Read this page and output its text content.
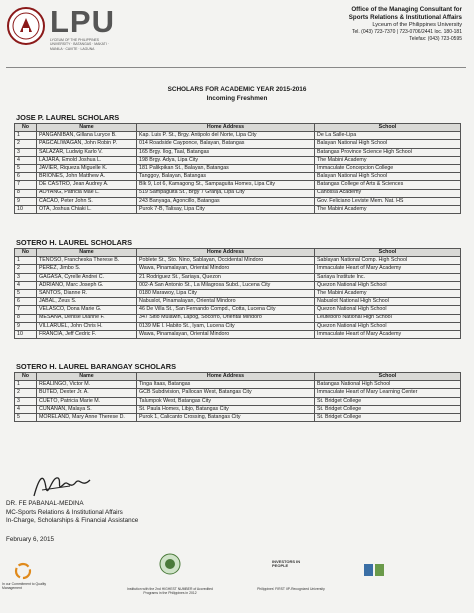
LPU
LYCEUM OF THE PHILIPPINES UNIVERSITY · BATANGAS · MAKATI · MANILA · CAVITE · LAGUNA
Office of the Managing Consultant for
Sports Relations & Institutional Affairs
Lyceum of the Philippines University
Tel. (043) 723-7370 | 723-0706/2441 loc. 180-181
Telefax: (043) 723-0595
SCHOLARS FOR ACADEMIC YEAR 2015-2016
Incoming Freshmen
JOSE P. LAUREL SCHOLARS
No	Name	Home Address	School
1	PANGANIBAN, Gillana Luryce B.	Kap. Luis P. St., Brgy. Antipolo del Norte, Lipa City	De La Salle-Lipa
2	PAGCALIWAGAN, John Robin P.	014 Roadside Cayponce, Balayan, Batangas	Balayan National High School
3	SALAZAR, Ludwig Karlo V.	165 Brgy. Ilog, Taal, Batangas	Batangas Province Science High School
4	LAJARA, Emold Joshua L.	198 Brgy. Adya, Lipa City	The Mabini Academy
5	JAVIER, Riqueza Miguelle K.	181 Palikpikan St., Balayan, Batangas	Immaculate Concepcion College
6	BRIONES, John Matthew A.	Tanggoy, Balayan, Batangas	Balayan National High School
7	DE CASTRO, Jean Audrey A.	Blk 9, Lot 6, Kamagong St., Sampaguita Homes, Lipa City	Batangas College of Arts & Sciences
8	AOYANG, Patricia Mae L.	519 Sampaguita St., Brgy 7 Granja, Lipa City	Canossa Academy
9	CACAO, Peter John S.	243 Banyaga, Agoncillo, Batangas	Gov. Feliciano Leviste Mem. Nat. HS
10	OTA, Joshua Chiaki L.	Purok 7-B, Talisay, Lipa City	The Mabini Academy
SOTERO H. LAUREL SCHOLARS
No	Name	Home Address	School
1	TENOSO, Francheska Therese B.	Poblete St., Sto. Nino, Sablayan, Occidental Mindoro	Sablayan National Comp. High School
2	PEREZ, Jimbo S.	Wawa, Pinamalayan, Oriental Mindoro	Immaculate Heart of Mary Academy
3	GAGASA, Cyrelle Andrei C.	21 Rodriguez St., Sariaya, Quezon	Sariaya Institute Inc.
4	ADRIANO, Marc Joseph G.	002-A San Antonio St., La Milagrosa Subd., Lucena City	Quezon National High School
5	SANTOS, Dianne R.	0180 Marawoy, Lipa City	The Mabini Academy
6	JABAL, Zeus S.	Nabuslot, Pinamalayan, Oriental Mindoro	Nabuslot National High School
7	VELASCO, Dona Marie G.	46 De Villa St., San Fernando Compd., Cotta, Lucena City	Quezon National High School
8	MESANA, Denise Dianne F.	347 Sitio Mulawin, Lapog, Socorro, Oriental Mindoro	Leuteboro National High School
9	VILLARUEL, John Chris H.	0139 ME I. Habito St., Iyam, Lucena City	Quezon National High School
10	FRANCIA, Jeff Cedric F.	Wawa, Pinamalayan, Oriental Mindoro	Immaculate Heart of Mary Academy
SOTERO H. LAUREL BARANGAY SCHOLARS
No	Name	Home Address	School
1	REALINGO, Victor M.	Tinga Itaas, Batangas	Batangas National High School
2	BUTED, Dexter Jr. A.	GCB Subdivision, Pallocan West, Batangas City	Immaculate Heart of Mary Learning Center
3	CUETO, Patricia Marie M.	Talumpok West, Batangas City	St. Bridget College
4	CUNANAN, Malaya S.	St. Paula Homes, Libjo, Batangas City	St. Bridget College
5	MORELAND, Mary Anne Therese D.	Purok 1, Calicanto Crossing, Batangas City	St. Bridget College
DR. FE PABANAL-MEDINA
MC-Sports Relations & Institutional Affairs
In-Charge, Scholarships & Financial Assistance
February 6, 2015
In our Commitment to Quality Management	Institution with the 2nd HIGHEST NUMBER of Accredited
Programs in the Philippines in 2012
INVESTORS IN PEOPLE
Philippines' FIRST IIP-Recognized University
